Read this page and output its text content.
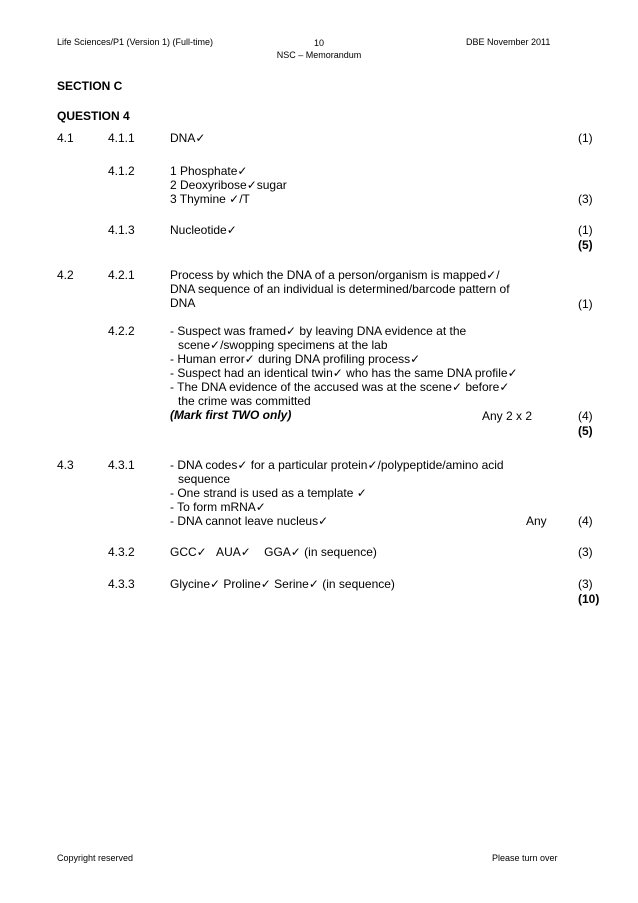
Life Sciences/P1 (Version 1) (Full-time)	10
NSC – Memorandum
DBE November 2011
SECTION C
QUESTION 4
4.1	4.1.1	DNA✓	(1)
4.1.2	1 Phosphate✓
2 Deoxyribose✓sugar
3 Thymine ✓/T	(3)
4.1.3	Nucleotide✓	(1)
(5)
4.2	4.2.1	Process by which the DNA of a person/organism is mapped✓/
DNA sequence of an individual is determined/barcode pattern of
DNA	(1)
4.2.2	- Suspect was framed✓ by leaving DNA evidence at the
scene✓/swopping specimens at the lab
- Human error✓ during DNA profiling process✓
- Suspect had an identical twin✓ who has the same DNA profile✓
- The DNA evidence of the accused was at the scene✓ before✓
the crime was committed
(Mark first TWO only)	Any 2 x 2	(4)
(5)
4.3	4.3.1	- DNA codes✓ for a particular protein✓/polypeptide/amino acid
sequence
- One strand is used as a template ✓
- To form mRNA✓
- DNA cannot leave nucleus✓	Any	(4)
4.3.2	GCC✓   AUA✓    GGA✓ (in sequence)	(3)
4.3.3	Glycine✓ Proline✓ Serine✓ (in sequence)	(3)
(10)
Copyright reserved	Please turn over
